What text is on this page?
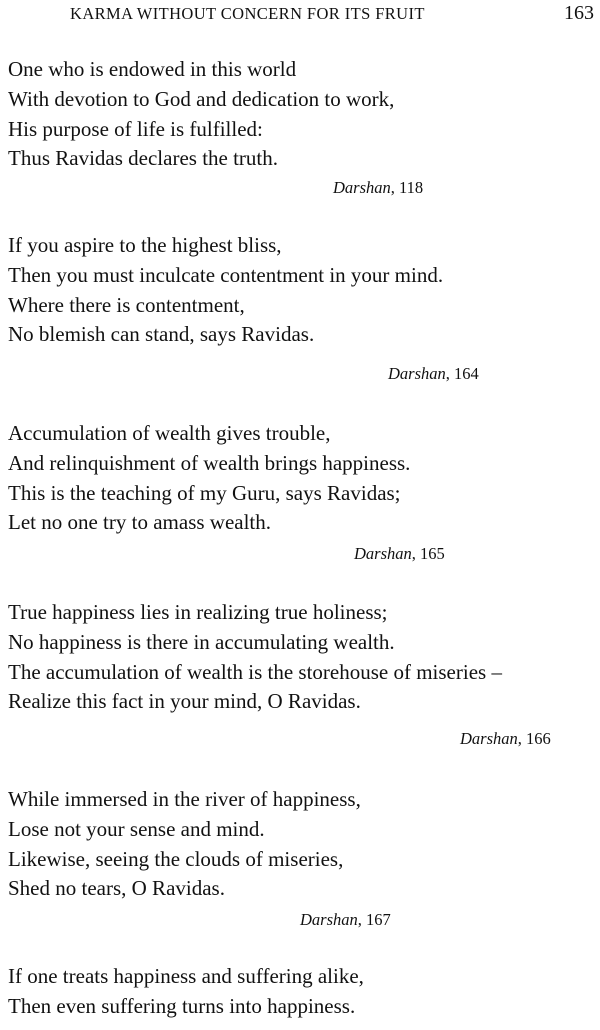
KARMA WITHOUT CONCERN FOR ITS FRUIT	163
One who is endowed in this world
With devotion to God and dedication to work,
His purpose of life is fulfilled:
Thus Ravidas declares the truth.
Darshan, 118
If you aspire to the highest bliss,
Then you must inculcate contentment in your mind.
Where there is contentment,
No blemish can stand, says Ravidas.
Darshan, 164
Accumulation of wealth gives trouble,
And relinquishment of wealth brings happiness.
This is the teaching of my Guru, says Ravidas;
Let no one try to amass wealth.
Darshan, 165
True happiness lies in realizing true holiness;
No happiness is there in accumulating wealth.
The accumulation of wealth is the storehouse of miseries –
Realize this fact in your mind, O Ravidas.
Darshan, 166
While immersed in the river of happiness,
Lose not your sense and mind.
Likewise, seeing the clouds of miseries,
Shed no tears, O Ravidas.
Darshan, 167
If one treats happiness and suffering alike,
Then even suffering turns into happiness.
